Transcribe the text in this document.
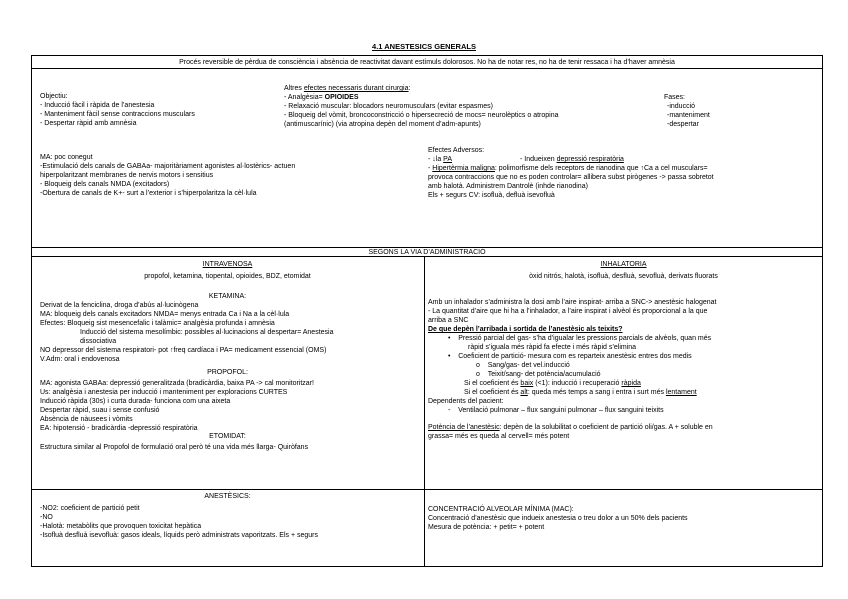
4.1 ANESTESICS GENERALS
Procés reversible de pèrdua de consciència i absència de reactivitat davant estímuls dolorosos. No ha de notar res, no ha de tenir ressaca i ha d’haver amnèsia
Objectiu:
- Inducció fàcil i ràpida de l’anestesia
- Manteniment fàcil sense contraccions musculars
- Despertar ràpid amb amnèsia
Altres efectes necessaris durant cirurgia:
- Analgèsia= OPIOIDES
- Relaxació muscular: blocadors neuromusculars (evitar espasmes)
- Bloqueig del vòmit, broncoconstricció o hipersecreció de mocs= neurolèptics o atropina
(antimuscarínic) (via atropina depèn del moment d’adm-apunts)
Fases:
-inducció
-manteniment
-despertar
MA: poc conegut
-Estimulació dels canals de GABAa- majoritàriament agonistes al·lostèrics- actuen
hiperpolaritzant membranes de nervis motors i sensitius
- Bloqueig dels canals NMDA (excitadors)
-Obertura de canals de K+- surt a l’exterior i s’hiperpolaritza la cèl·lula
Efectes Adversos:
- ↓la PA	- Indueixen depressió respiratòria
- Hipertèrmia maligna: polimorfisme dels receptors de rianodina que ↑Ca a cel musculars=
provoca contraccions que no es poden controlar= allibera subst pirògenes -> passa sobretot
amb halotà. Administrem Dantrolè (inhde rianodina)
Els + segurs CV: isofluà, defluà isevofluà
SEGONS LA VIA D’ADMINISTRACIÓ
INTRAVENOSA
propofol, ketamina, tiopental, opioides, BDZ, etomidat
KETAMINA:
Derivat de la fenciclina, droga d’abús al·lucinògena
MA: bloqueig dels canals excitadors NMDA= menys entrada Ca i Na a la cèl·lula
Efectes: Bloqueig sist mesencefalic i talàmic= analgèsia profunda i amnèsia
Inducció del sistema mesolímbic: possibles al·lucinacions al despertar= Anestesia
dissociativa
NO depressor del sistema respiratori- pot ↑freq cardíaca i PA= medicament essencial (OMS)
V.Adm: oral i endovenosa
PROPOFOL:
MA: agonista GABAa: depressió generalitzada (bradicàrdia, baixa PA -> cal monitoritzar!
Us: analgèsia i anestesia per inducció i manteniment per exploracions CURTES
Inducció ràpida (30s) i curta durada- funciona com una aixeta
Despertar ràpid, suau i sense confusió
Absència de nàusees i vòmits
EA: hipotensió - bradicàrdia -depressió respiratòria
ETOMIDAT:
Estructura similar al Propofol de formulació oral però té una vida més llarga- Quiròfans
INHALATORIA
òxid nitrós, halotà, isofluà, desfluà, sevofluà, derivats fluorats
Amb un inhalador s’administra la dosi amb l’aire inspirat- arriba a SNC-> anestèsic halogenat
- La quantitat d’aire que hi ha a l’inhalador, a l’aire inspirat i alvèol és proporcional a la que
arriba a SNC
De que depèn l’arribada i sortida de l’anestèsic als teixits?
•    Pressió parcial del gas- s’ha d’igualar les pressions parcials de alvèols, quan més
ràpid s’iguala més ràpid fa efecte i més ràpid s’elimina
•    Coeficient de partició- mesura com es reparteix anestèsic entres dos medis
o    Sang/gas- det vel.inducció
o    Teixit/sang- det potència/acumulació
Si el coeficient és baix (<1): inducció i recuperació ràpida
Si el coeficient és alt: queda més temps a sang i entra i surt més lentament
Dependents del pacient:
-    Ventilació pulmonar – flux sanguini pulmonar – flux sanguini teixits
Potència de l’anestèsic: depèn de la solubilitat o coeficient de partició oli/gas. A + soluble en
grassa= més es queda al cervell= més potent
ANESTÈSICS:
-NO2: coeficient de partició petit
-NO
-Halotà: metabòlits que provoquen toxicitat hepàtica
-Isofluà desfluà isevofluà: gasos ideals, líquids però administrats vaporitzats. Els + segurs
CONCENTRACIÓ ALVEOLAR MÍNIMA (MAC):
Concentració d’anestèsic que indueix anestesia o treu dolor a un 50% dels pacients
Mesura de potència: + petit= + potent
